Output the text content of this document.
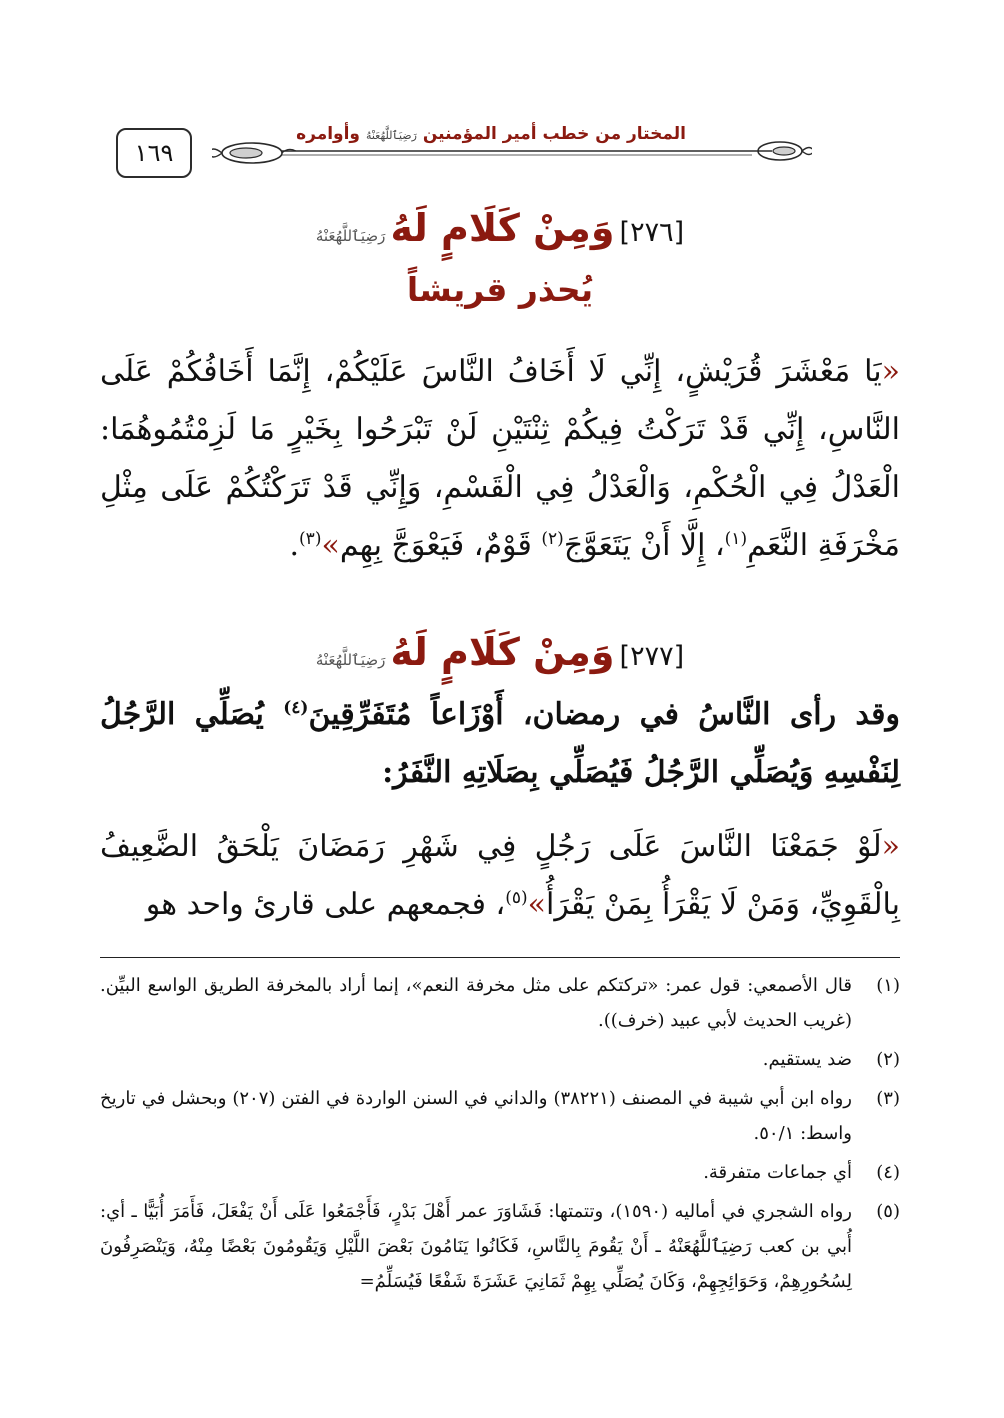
١٦٩
المختار من خطب أمير المؤمنين رَضِيَٱللَّهُعَنْهُ وأوامره
[٢٧٦] وَمِنْ كَلَامٍ لَهُ رَضِيَٱللَّهُعَنْهُ
يُحذر قريشاً
«يَا مَعْشَرَ قُرَيْشٍ، إِنِّي لَا أَخَافُ النَّاسَ عَلَيْكُمْ، إِنَّمَا أَخَافُكُمْ عَلَى النَّاسِ، إِنِّي قَدْ تَرَكْتُ فِيكُمْ ثِنْتَيْنِ لَنْ تَبْرَحُوا بِخَيْرٍ مَا لَزِمْتُمُوهُمَا: الْعَدْلُ فِي الْحُكْمِ، وَالْعَدْلُ فِي الْقَسْمِ، وَإِنِّي قَدْ تَرَكْتُكُمْ عَلَى مِثْلِ مَخْرَفَةِ النَّعَمِ$^{(١)}$، إِلَّا أَنْ يَتَعَوَّجَ$^{(٢)}$ قَوْمٌ، فَيَعْوَجَّ بِهِم»$^{(٣)}$.
[٢٧٧] وَمِنْ كَلَامٍ لَهُ رَضِيَٱللَّهُعَنْهُ
وقد رأى النَّاسُ في رمضان، أَوْزَاعاً مُتَفَرِّقِينَ$^{(٤)}$ يُصَلِّي الرَّجُلُ لِنَفْسِهِ وَيُصَلِّي الرَّجُلُ فَيُصَلِّي بِصَلَاتِهِ النَّفَرُ:
«لَوْ جَمَعْنَا النَّاسَ عَلَى رَجُلٍ فِي شَهْرِ رَمَضَانَ يَلْحَقُ الضَّعِيفُ بِالْقَوِيِّ، وَمَنْ لَا يَقْرَأُ بِمَنْ يَقْرَأُ»$^{(٥)}$، فجمعهم على قارئ واحد هو
(١)
قال الأصمعي: قول عمر: «تركتكم على مثل مخرفة النعم»، إنما أراد بالمخرفة الطريق الواسع البيِّن. (غريب الحديث لأبي عبيد (خرف)).
(٢)
ضد يستقيم.
(٣)
رواه ابن أبي شيبة في المصنف (٣٨٢٢١) والداني في السنن الواردة في الفتن (٢٠٧) وبحشل في تاريخ واسط: ٥٠/١.
(٤)
أي جماعات متفرقة.
(٥)
رواه الشجري في أماليه (١٥٩٠)، وتتمتها: فَشَاوَرَ عمر أَهْلَ بَدْرٍ، فَأَجْمَعُوا عَلَى أَنْ يَفْعَلَ، فَأَمَرَ أُبَيًّا ـ أي: أُبي بن كعب رَضِيَٱللَّهُعَنْهُ ـ أَنْ يَقُومَ بِالنَّاسِ، فَكَانُوا يَنَامُونَ بَعْضَ اللَّيْلِ وَيَقُومُونَ بَعْضًا مِنْهُ، وَيَنْصَرِفُونَ لِسُحُورِهِمْ، وَحَوَائِجِهِمْ، وَكَانَ يُصَلِّي بِهِمْ ثَمَانِيَ عَشَرَةَ شَفْعًا فَيُسَلِّمُ=
